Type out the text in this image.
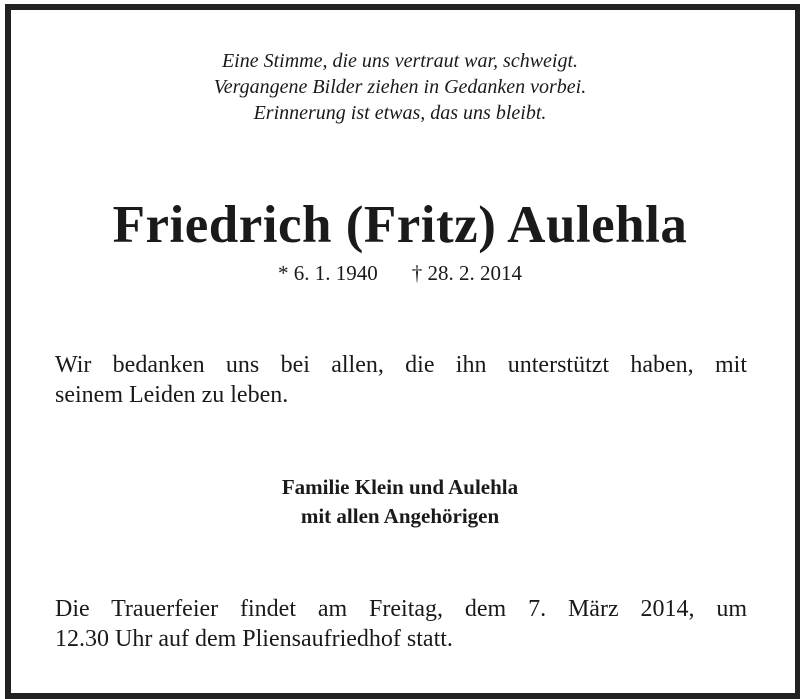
Eine Stimme, die uns vertraut war, schweigt.
Vergangene Bilder ziehen in Gedanken vorbei.
Erinnerung ist etwas, das uns bleibt.
Friedrich (Fritz) Aulehla
* 6. 1. 1940 † 28. 2. 2014
Wir bedanken uns bei allen, die ihn unterstützt haben, mit
seinem Leiden zu leben.
Familie Klein und Aulehla
mit allen Angehörigen
Die Trauerfeier findet am Freitag, dem 7. März 2014, um
12.30 Uhr auf dem Pliensaufriedhof statt.
